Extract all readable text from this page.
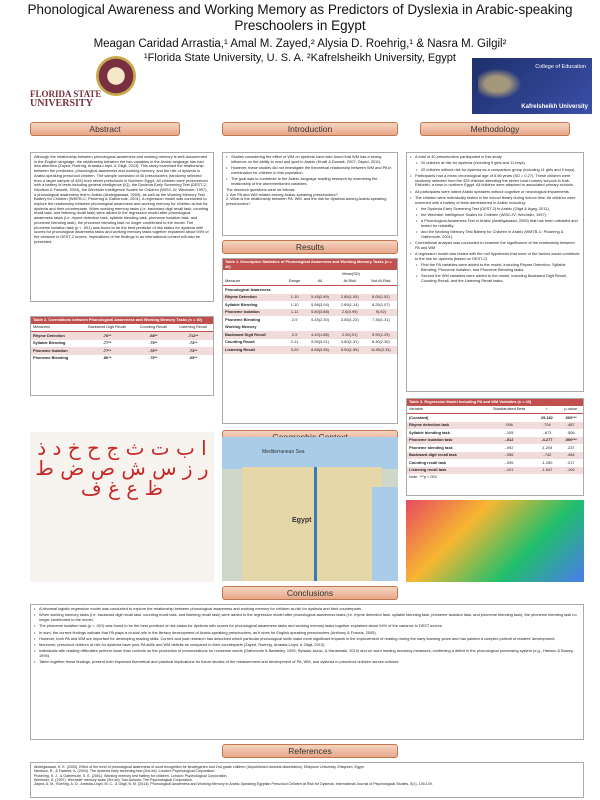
Phonological Awareness and Working Memory as Predictors of Dyslexia in Arabic-speaking Preschoolers in Egypt
Meagan Caridad Arrastia,¹ Amal M. Zayed,² Alysia D. Roehrig,¹ & Nasra M. Gilgil²
¹Florida State University, U. S. A. ²Kafrelsheikh University, Egypt
FLORIDA STATE
UNIVERSITY
College of Education
Kafrelsheikh University
Abstract	Introduction	Methodology
Results
Conclusions
References

Although the relationship between phonological awareness and working memory is well-documented in the English language, the relationship between the two variables in the Arabic language has had less attention (Zayed, Roehrig, Arrastia-Lloyd, & Gilgil, 2013). This study examined the relationship between the predictors, phonological awareness and working memory, and the risk of dyslexia in Arabic-speaking preschool children. The sample consisted of 40 preschoolers (randomly selected from a larger sample of 425) from seven preschools in Northern Egypt. All children were prescreened with a battery of tests including general intelligence (IQ), the Dyslexia Early Screening Test (DEST-2; Nicolson & Fawcett, 2004), the Wechsler Intelligence Scales for Children (WISC-IV; Wechsler, 1997), a phonological awareness test in Arabic (Abdelgawaad, 2005), as well as the Working Memory Test Battery for Children (WMTB-C; Pickering & Gathercole, 2001). A regression model was conducted to explore the relationship between phonological awareness and working memory for children at-risk for dyslexia and their counterparts. When working memory tasks (i.e. backward digit recall task, counting recall task, and listening recall task) were added to the regression model after phonological awareness tasks (i.e. rhyme detection task, syllable blending task, phoneme isolation task, and phoneme blending task), the phoneme blending task no longer contributed to the model. The phoneme isolation task (p < .001) was found to be the best predictor of risk status for dyslexia with scores for phonological awareness tasks and working memory tasks together explained about 94% of the variance in DEST-2 scores. Implications of the findings in an international context will also be presented.

Table 2. Correlations between Phonological Awareness and Working Memory Tasks (n = 40)
Measures	Backward Digit Recall	Counting Recall	Listening Recall
Rhyme Detection	.76**	.68**	.712**
Syllable Blending	.77**	.75**	.73**
Phoneme Isolation	.77**	.76**	.73**
Phoneme Blending	.80**	.75**	.65**
• Studies considering the effect of WM on dyslexia have also found that WM has a strong influence on the ability to read and spell in Arabic (Khalil & Dowaik, 2007; Zayed, 2011).
• However, these studies did not investigate the theoretical relationship between WM and PA in combination for children in this population.
• The goal was to contribute to the Arabic-language reading research by examining the relationship of the aforementioned variables.

The research questions were as follows:

1. Are PA and WM related among Arabic-speaking preschoolers?

2. What is the relationship between PA, WM, and the risk for dyslexia among Arabic-speaking preschoolers?

Table 1. Descriptive Statistics of Phonological Awareness and Working Memory Tasks (n = 40)
		Mean(SD)		
Measure	Range	All	At-Risk	Not At-Risk
Phonological Awareness				
Rhyme Detection	1-10	5.45(2.89)	2.85(1.09)	8.05(1.52)
Syllable Blending	1-10	5.56(3.04)	2.65(1.14)	8.25(1.07)
Phoneme Isolation	1-11	5.80(3.88)	2.6(0.99)	9(.92)
Phoneme Blending	2-9	5.45(2.30)	3.55(1.23)	7.35(1.31)
Working Memory				
Backward Digit Recall	2-9	4.40(1.88)	2.90(.91)	5.90(1.29)
Counting Recall	2-11	5.95(3.01)	3.60(1.31)	8.30(2.30)
Listening Recall	3-20	8.88(3.96)	5.90(1.59)	11.85(3.33)
• A total of 40 preschoolers participated in this study
• 20 children at risk for dyslexia (including 9 girls and 11 boys)
• 20 children without risk for dyslexia as a comparison group (including 11 girls and 9 boys).
• Participants had a mean chronological age of 5.56 years (SD = 0.27). These children were randomly selected from the 425 children attending the seven local nursery schools in Kafr-Elsheikh, a town in northern Egypt. All children were attached to associated primary schools.
• All participants were native Arabic speakers without cognitive or neurological impairments.
• The children were individually tested in the school library during school time. All children were screened with a battery of tests administered in Arabic including:
• the Dyslexia Early Screening Test (DEST-2) in Arabic (Gilgil & Agag, 2011),
• the Wechsler Intelligence Scales for Children (WISC-IV; Wechsler, 1997),
• a Phonological Awareness Test in Arabic (Abdelgawaad, 2005) that has been validated and tested for reliability,
• and the Working Memory Test Battery for Children in Arabic (WMTB-C; Pickering & Gathercole, 2001).
• Correlational analysis was conducted to examine the significance of the relationship between PA and WM
• A regression model was tested with the null hypothesis that none of the factors would contribute to the risk for dyslexia (based on DEST-2)
• First the PA variables were added to the model, including Rhyme Detection, Syllable Blending, Phoneme Isolation, and Phoneme Blending tasks.
• Second the WM variables were added to the model, including Backward Digit Recall, Counting Recall, and the Listening Recall tasks.
Table 3. Regression Model Including PA and WM Variables (n = 40)
Variable	Standardized Beta	t	p-value
(Constant)		25.182	.000***
Rhyme detection task	.096	.704	.487
Syllable blending task	-.105	-.673	.506
Phoneme isolation task	-.512	-4.277	.000***
Phoneme blending task	-.092	-1.204	.237
Backward digit recall task	-.056	-.742	.464
Counting recall task	-.095	-1.260	.217
Listening recall task	-.101	-1.647	.109
Note. ***p <.001
ا ب ت ث ج ح خ د ذ ر ز س ش ص ض ط ظ ع غ ف
Mediterranean Sea
Egypt
• A binomial logistic regression model was conducted to explore the relationship between phonological awareness and working memory for children at-risk for dyslexia and their counterparts.
• When working memory tasks (i.e. backward digit recall task, counting recall task, and listening recall task) were added to the regression model after phonological awareness tasks (i.e. rhyme detection task, syllable blending task, phoneme isolation task, and phoneme blending task), the phoneme blending task no longer contributed to the model.
• The phoneme isolation task (p < .001) was found to be the best predictor of risk status for dyslexia with scores for phonological awareness tasks and working memory tasks together explained about 94% of the variance in DEST scores.
• In sum, the current findings indicate that PA plays a crucial role in the literacy development of Arabic-speaking preschoolers, as it does for English-speaking preschoolers (Anthony & Francis, 2005).
• However, both PA and WM are important for developing reading skills. Current and past research has described which particular phonological skills make more significant impacts in the improvement of reading during the early learning years and has painted a complex portrait of readers' development.
• Moreover, preschool children at risk for dyslexia have poor PA skills and WM deficits as compared to their counterparts (Zayed, Roehrig, Arrastia-Lloyd, & Gilgil, 2013).
• Individuals with reading difficulties perform lower than controls on the production of pronunciations for nonsense words (Gathercole & Baddeley, 1993; Rytsala, Aunio, & Hautamaki, 2010) and on word reading accuracy measures, confirming a deficit in the phonological processing system (e.g., Hanson & Bowey, 1994).
• Taken together these findings, present both important theoretical and practical implications for future studies of the measurement and development of PA, WM, and dyslexia in preschool children across cultures.

Abdelgawaad, H. E. (2005). Effect of the level of phonological awareness of word recognition for kindergarten and 2nd grade children (Unpublished doctoral dissertation). Elfayoum University, Elfayoum, Egypt.

Nicolson, R., & Fawcett, A. (2004). The dyslexia early screening test (2nd ed). London: Psychological Corporation.

Pickering, S. J., & Gathercole, S. E. (2001). Working memory test battery for children. London: Psychological Corporation.

Wechsler, D. (1997). Wechsler memory scale (3rd ed). San Antonio: The Psychological Corporation.

Zayed, A. M., Roehrig, A. D., Arrastia-Lloyd, M. C., & Gilgil, N. M. (2013). Phonological Awareness and Working Memory in Arabic-Speaking Egyptian Preschool Children at Risk for Dyslexia. International Journal of Psychological Studies, 5(1), 139-149.
